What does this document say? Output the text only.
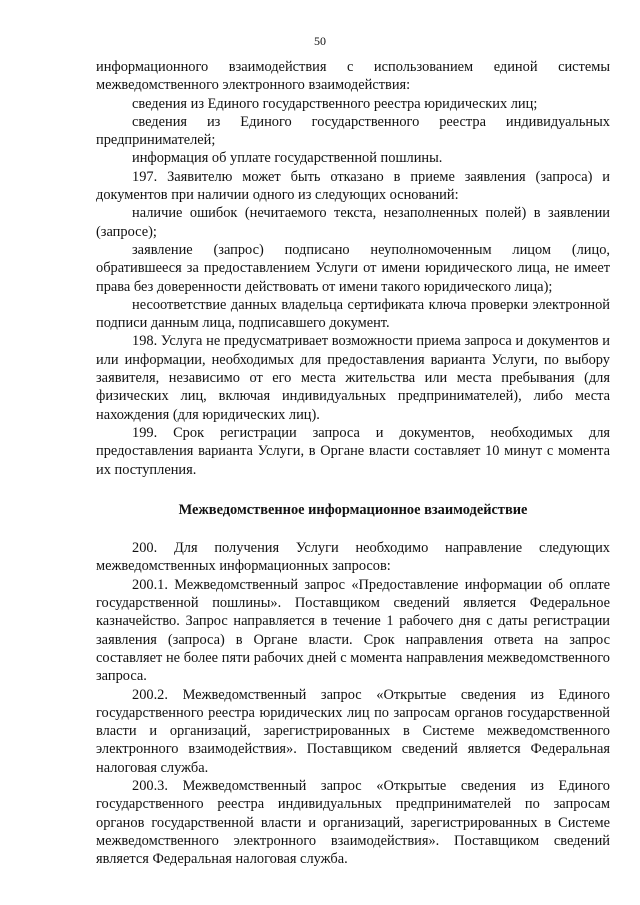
50

информационного взаимодействия с использованием единой системы межведомственного электронного взаимодействия:

сведения из Единого государственного реестра юридических лиц;

сведения из Единого государственного реестра индивидуальных предпринимателей;

информация об уплате государственной пошлины.

197. Заявителю может быть отказано в приеме заявления (запроса) и документов при наличии одного из следующих оснований:

наличие ошибок (нечитаемого текста, незаполненных полей) в заявлении (запросе);

заявление (запрос) подписано неуполномоченным лицом (лицо, обратившееся за предоставлением Услуги от имени юридического лица, не имеет права без доверенности действовать от имени такого юридического лица);

несоответствие данных владельца сертификата ключа проверки электронной подписи данным лица, подписавшего документ.

198. Услуга не предусматривает возможности приема запроса и документов и или информации, необходимых для предоставления варианта Услуги, по выбору заявителя, независимо от его места жительства или места пребывания (для физических лиц, включая индивидуальных предпринимателей), либо места нахождения (для юридических лиц).

199. Срок регистрации запроса и документов, необходимых для предоставления варианта Услуги, в Органе власти составляет 10 минут с момента их поступления.

Межведомственное информационное взаимодействие

200. Для получения Услуги необходимо направление следующих межведомственных информационных запросов:

200.1. Межведомственный запрос «Предоставление информации об оплате государственной пошлины». Поставщиком сведений является Федеральное казначейство. Запрос направляется в течение 1 рабочего дня с даты регистрации заявления (запроса) в Органе власти. Срок направления ответа на запрос составляет не более пяти рабочих дней с момента направления межведомственного запроса.

200.2. Межведомственный запрос «Открытые сведения из Единого государственного реестра юридических лиц по запросам органов государственной власти и организаций, зарегистрированных в Системе межведомственного электронного взаимодействия». Поставщиком сведений является Федеральная налоговая служба.

200.3. Межведомственный запрос «Открытые сведения из Единого государственного реестра индивидуальных предпринимателей по запросам органов государственной власти и организаций, зарегистрированных в Системе межведомственного электронного взаимодействия». Поставщиком сведений является Федеральная налоговая служба.
